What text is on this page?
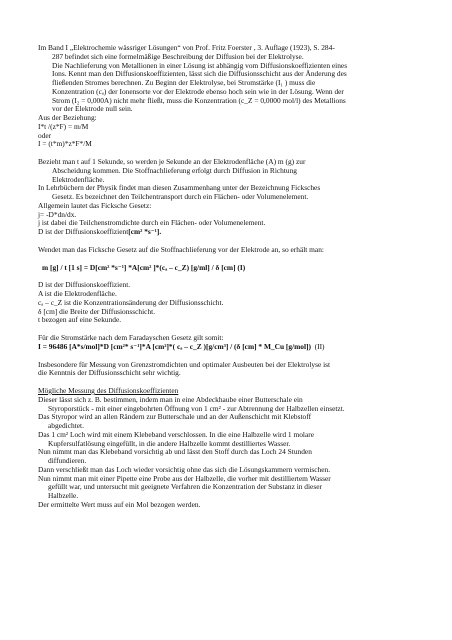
Im Band I „Elektrochemie wässriger Lösungen“ von Prof. Fritz Foerster , 3. Auflage (1923), S. 284-

287 befindet sich eine formelmäßige Beschreibung der Diffusion bei der Elektrolyse.

Die Nachlieferung von Metallionen in einer Lösung ist abhängig vom Diffusionskoeffizienten eines

Ions. Kennt man den Diffusionskoeffizienten, lässt sich die Diffusionsschicht aus der Änderung des

fließenden Stromes berechnen. Zu Beginn der Elektrolyse, bei Stromstärke (I₁ ) muss die

Konzentration (cₐ) der Ionensorte vor der Elektrode ebenso hoch sein wie in der Lösung. Wenn der

Strom (I₂ = 0,000A) nicht mehr fließt, muss die Konzentration (c_Z = 0,0000 mol/l) des Metallions

vor der Elektrode null sein.

Aus der Beziehung:

I*t /(z*F) = m/M

oder

I = (t*m)*z*F*/M

Bezieht man t auf 1 Sekunde, so werden je Sekunde an der Elektrodenfläche (A) m (g) zur

Abscheidung kommen. Die Stoffnachlieferung erfolgt durch Diffusion in Richtung

Elektrodenfläche.

In Lehrbüchern der Physik findet man diesen Zusammenhang unter der Bezeichnung Ficksches

Gesetz. Es bezeichnet den Teilchentransport durch ein Flächen- oder Volumenelement.

Allgemein lautet das Ficksche Gesetz:

j= -D*dn/dx.

j ist dabei die Teilchenstromdichte durch ein Flächen- oder Volumenelement.

D ist der Diffusionskoeffizient[cm² *s⁻¹].

Wendet man das Ficksche Gesetz auf die Stoffnachlieferung vor der Elektrode an, so erhält man:

m [g] / t [1 s] = D[cm² *s⁻¹] *A[cm² ]*(cₐ – c_Z) [g/ml] / δ [cm] (I)

D ist der Diffusionskoeffizient.

A ist die Elektrodenfläche.

cₐ – c_Z ist die Konzentrationsänderung der Diffusionsschicht.

δ [cm] die Breite der Diffusionsschicht.

t bezogen auf eine Sekunde.

Für die Stromstärke nach dem Faradayschen Gesetz gilt somit:

I = 96486 [A*s/mol]*D [cm²* s⁻¹]*A [cm²]*( cₐ – c_Z )[g/cm³] / (δ [cm] * M_Cu [g/mol]) (II)

Insbesondere für Messung von Grenzstromdichten und optimaler Ausbeuten bei der Elektrolyse ist

die Kenntnis der Diffusionsschicht sehr wichtig.

Mögliche Messung des Diffusionskoeffizienten

Dieser lässt sich z. B. bestimmen, indem man in eine Abdeckhaube einer Butterschale ein

Styroporstück - mit einer eingebohrten Öffnung von 1 cm² - zur Abtrennung der Halbzellen einsetzt.

Das Styropor wird an allen Rändern zur Butterschale und an der Außenschicht mit Klebstoff

abgedichtet.

Das 1 cm² Loch wird mit einem Klebeband verschlossen. In die eine Halbzelle wird 1 molare

Kupfersulfatlösung eingefüllt, in die andere Halbzelle kommt destilliertes Wasser.

Nun nimmt man das Klebeband vorsichtig ab und lässt den Stoff durch das Loch 24 Stunden

diffundieren.

Dann verschließt man das Loch wieder vorsichtig ohne das sich die Lösungskammern vermischen.

Nun nimmt man mit einer Pipette eine Probe aus der Halbzelle, die vorher mit destilliertem Wasser

gefüllt war, und untersucht mit geeignete Verfahren die Konzentration der Substanz in dieser

Halbzelle.

Der ermittelte Wert muss auf ein Mol bezogen werden.
